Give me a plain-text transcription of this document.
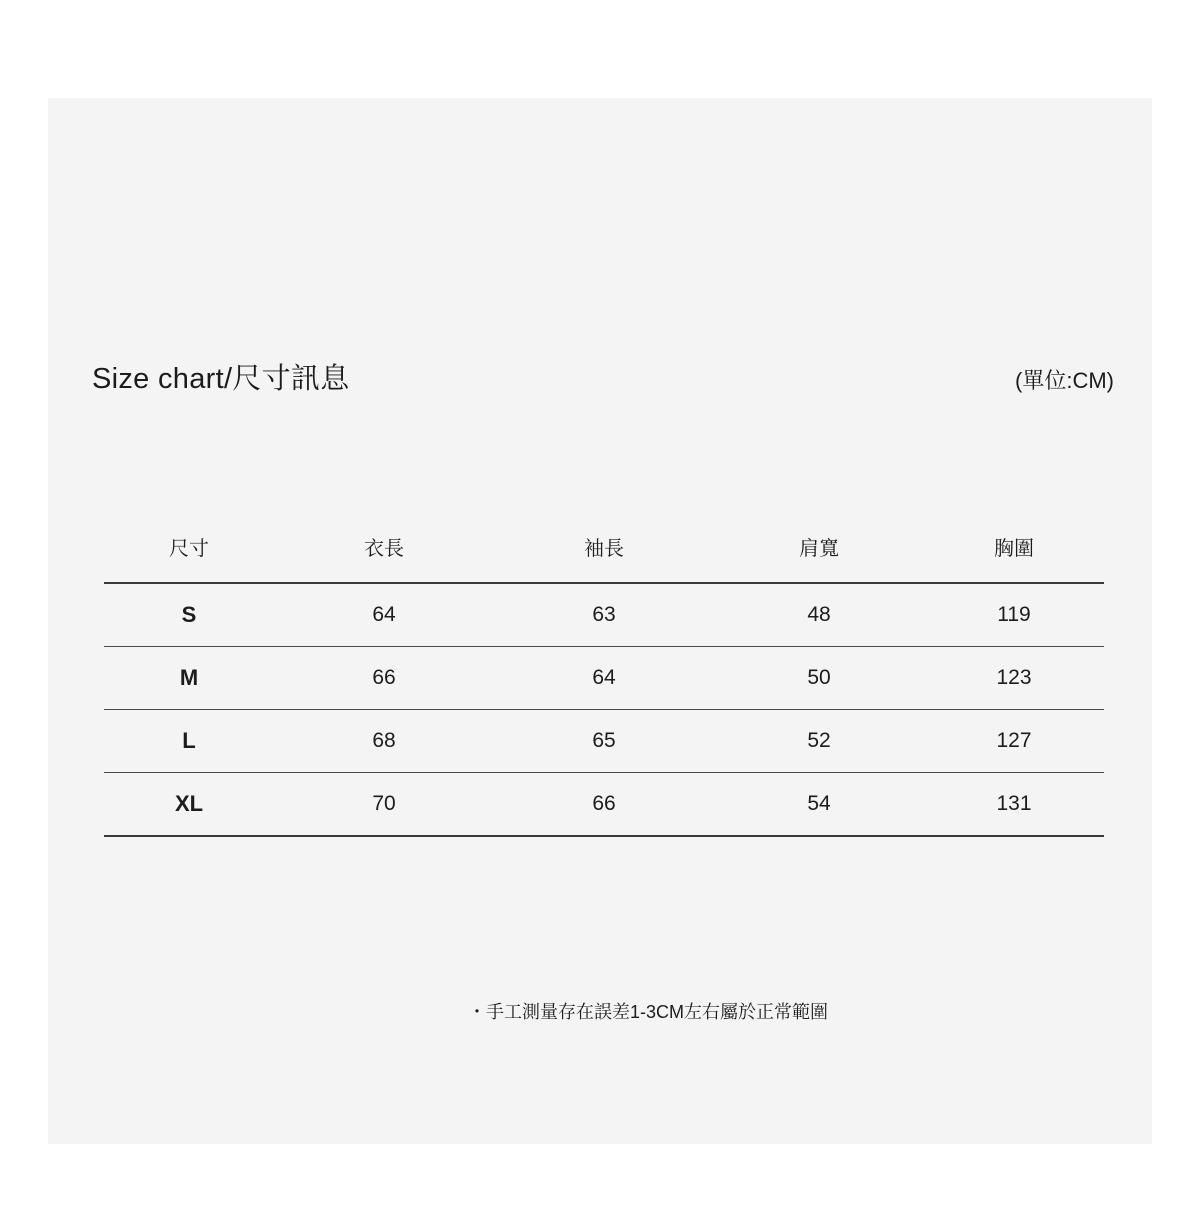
Size chart/尺寸訊息	(單位:CM)
尺寸	衣長	袖長	肩寬	胸圍
S	64	63	48	119
M	66	64	50	123
L	68	65	52	127
XL	70	66	54	131
・手工測量存在誤差1-3CM左右屬於正常範圍
